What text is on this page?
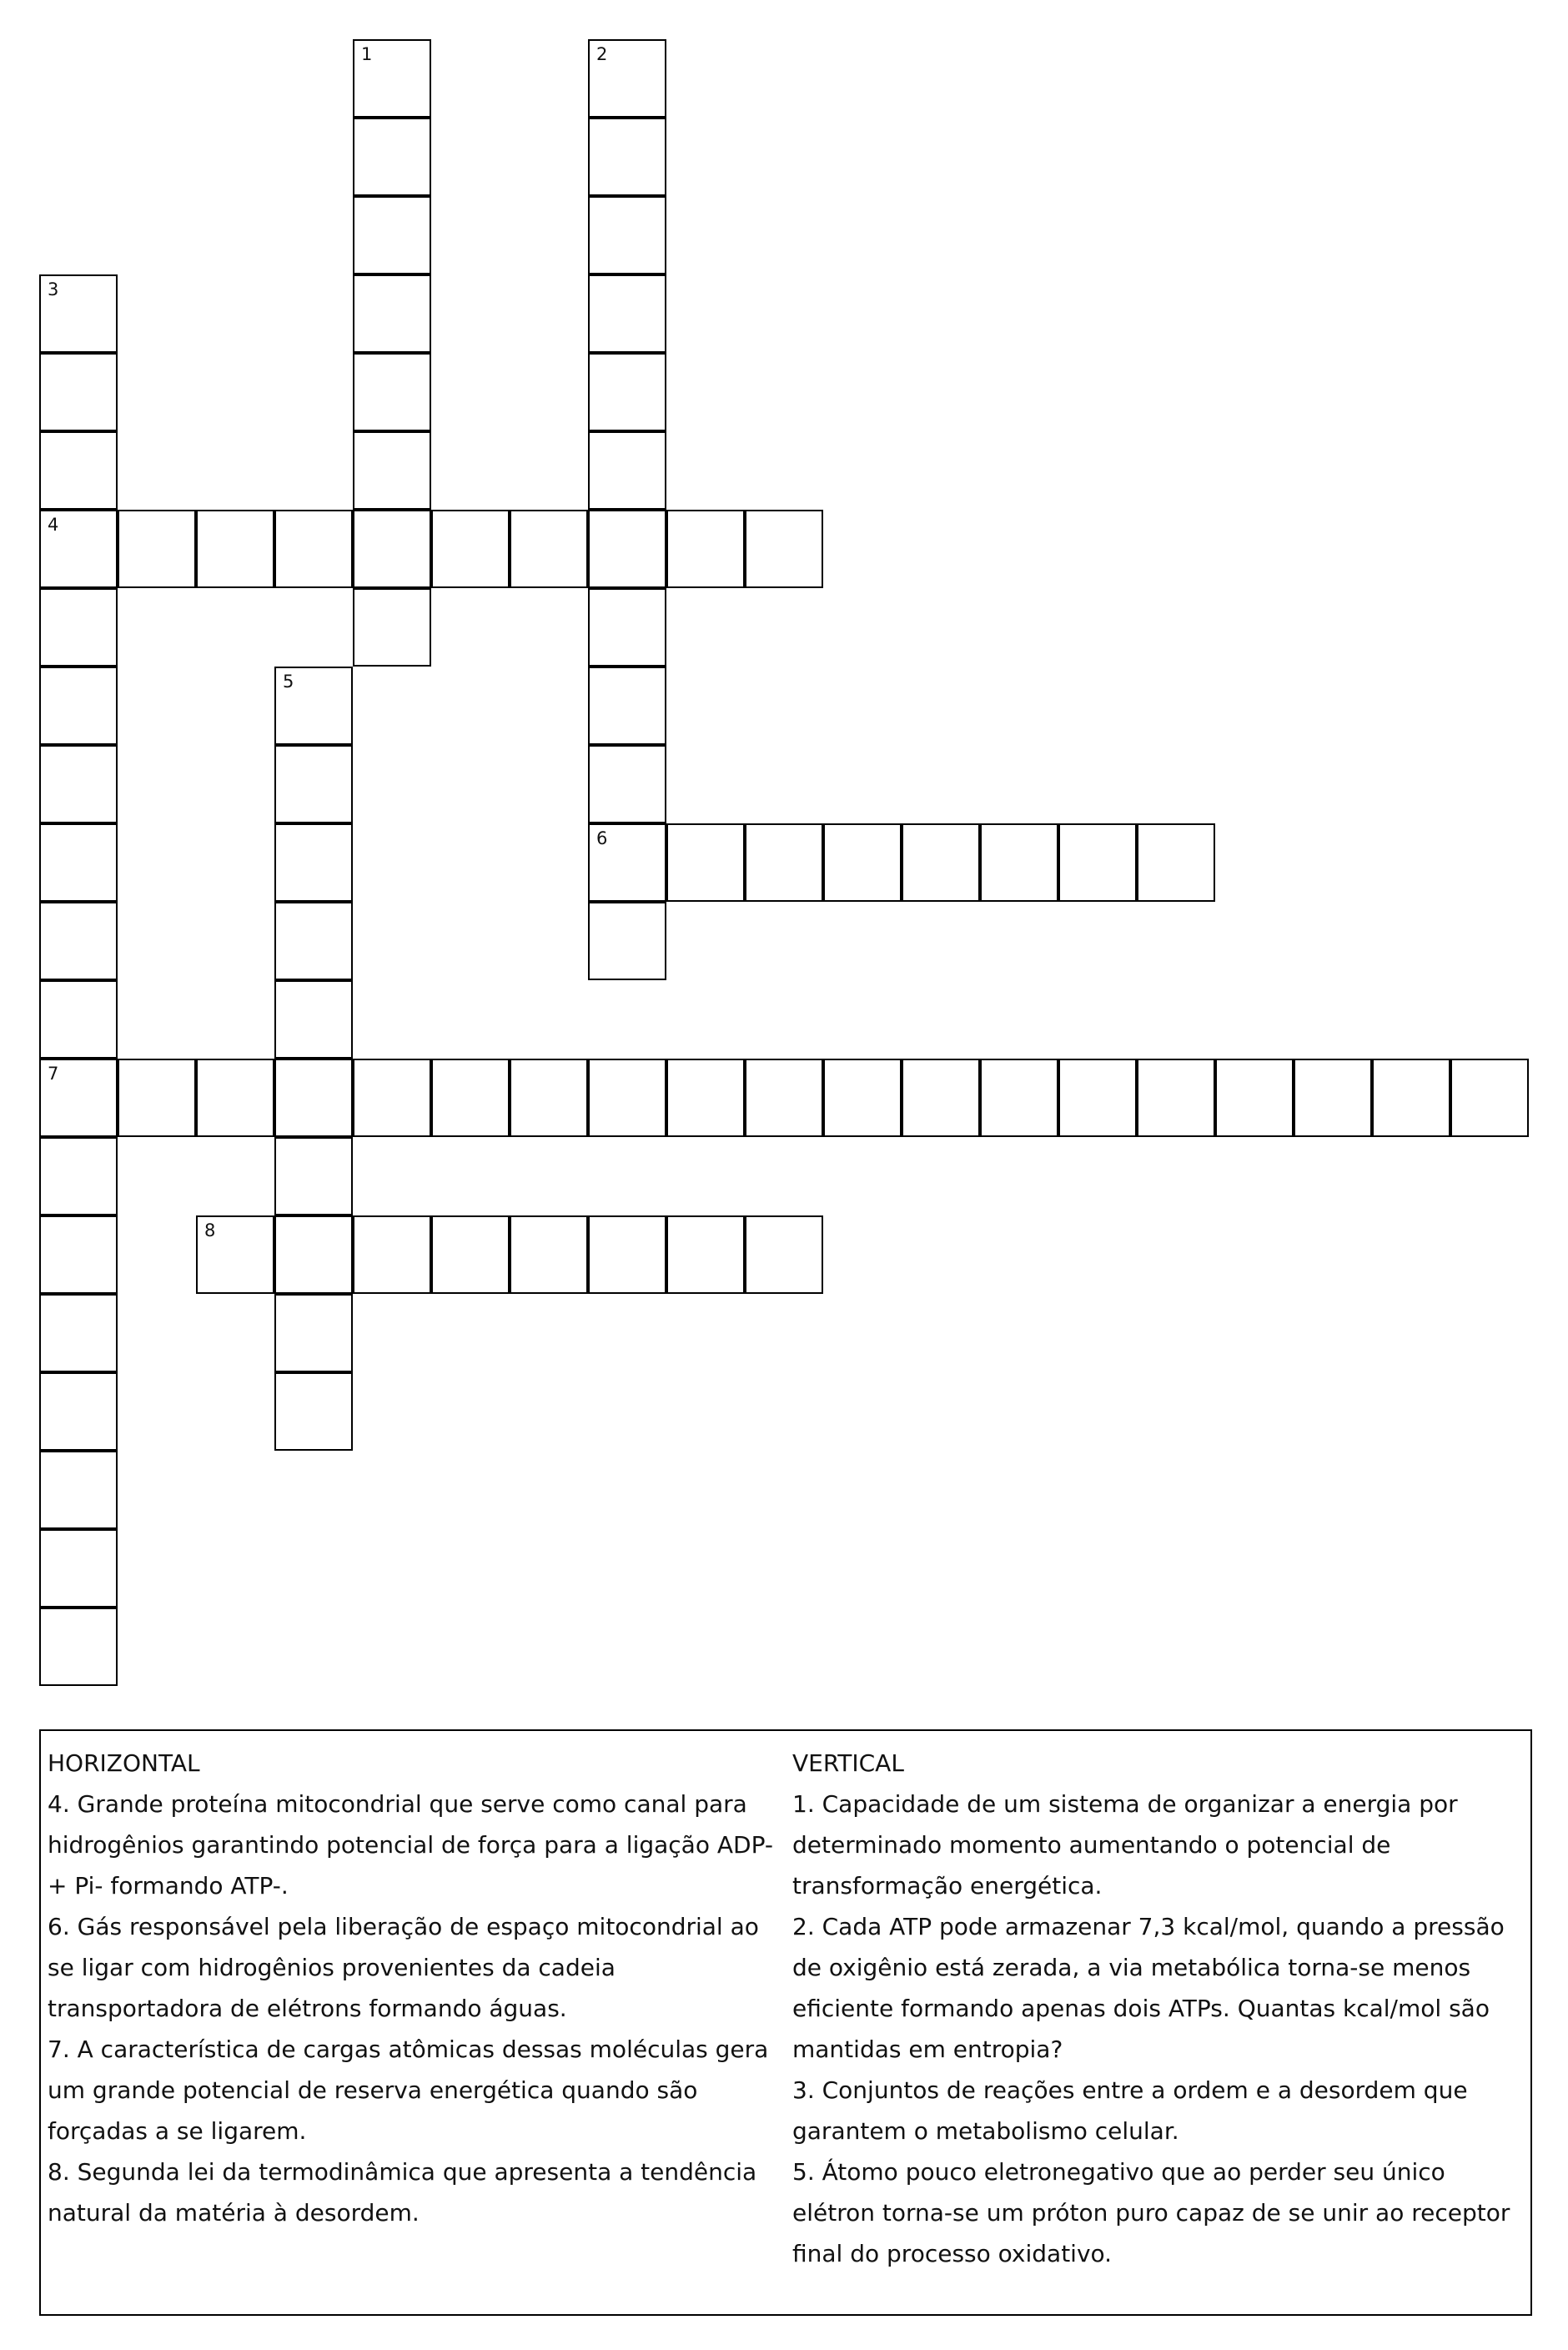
1	2
6
3
4
7
5
8
HORIZONTAL
4. Grande proteína mitocondrial que serve como canal para hidrogênios garantindo potencial de força para a ligação ADP- + Pi- formando ATP-.
6. Gás responsável pela liberação de espaço mitocondrial ao se ligar com hidrogênios provenientes da cadeia transportadora de elétrons formando águas.
7. A característica de cargas atômicas dessas moléculas gera um grande potencial de reserva energética quando são forçadas a se ligarem.
8. Segunda lei da termodinâmica que apresenta a tendência natural da matéria à desordem.
VERTICAL
1. Capacidade de um sistema de organizar a energia por determinado momento aumentando o potencial de transformação energética.
2. Cada ATP pode armazenar 7,3 kcal/mol, quando a pressão de oxigênio está zerada, a via metabólica torna-se menos eficiente formando apenas dois ATPs. Quantas kcal/mol são mantidas em entropia?
3. Conjuntos de reações entre a ordem e a desordem que garantem o metabolismo celular.
5. Átomo pouco eletronegativo que ao perder seu único elétron torna-se um próton puro capaz de se unir ao receptor final do processo oxidativo.
